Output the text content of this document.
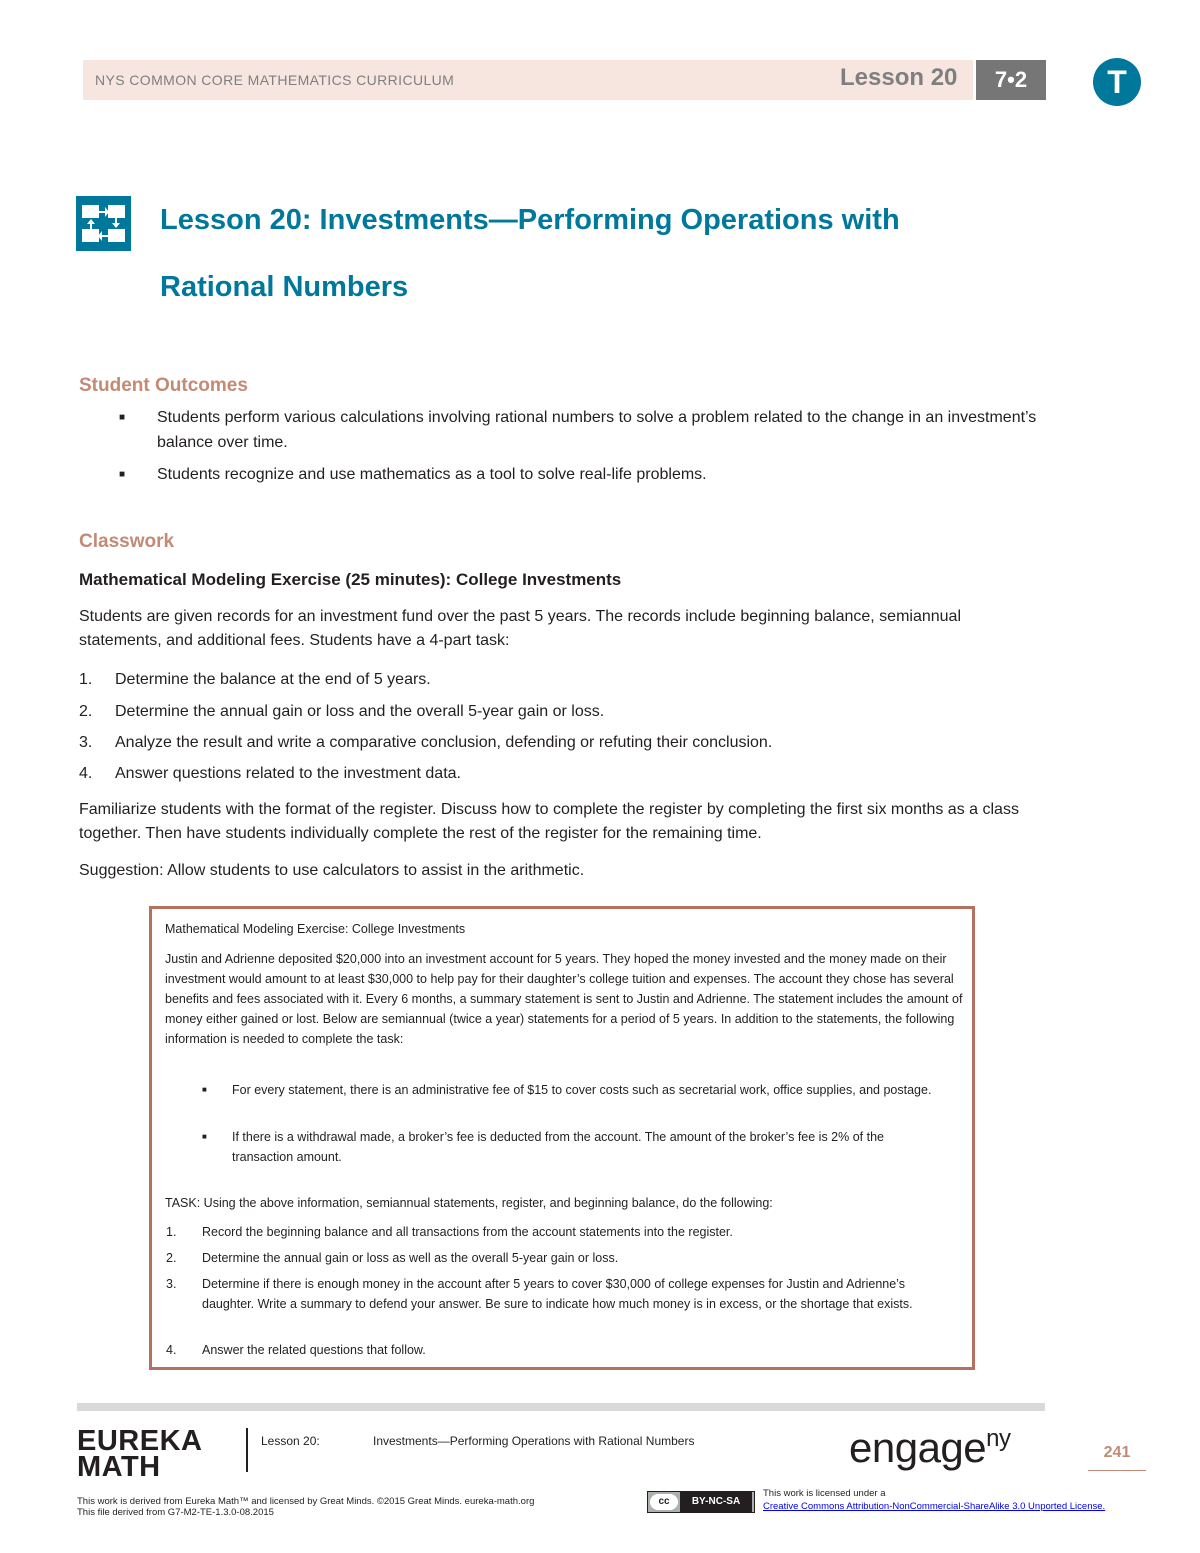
NYS COMMON CORE MATHEMATICS CURRICULUM	Lesson 20	7•2	T
Lesson 20: Investments—Performing Operations with
Rational Numbers
Student Outcomes
■ Students perform various calculations involving rational numbers to solve a problem related to the change in an investment’s balance over time.
■ Students recognize and use mathematics as a tool to solve real-life problems.
Classwork
Mathematical Modeling Exercise (25 minutes): College Investments
Students are given records for an investment fund over the past 5 years. The records include beginning balance, semiannual statements, and additional fees. Students have a 4-part task:
1. Determine the balance at the end of 5 years.
2. Determine the annual gain or loss and the overall 5-year gain or loss.
3. Analyze the result and write a comparative conclusion, defending or refuting their conclusion.
4. Answer questions related to the investment data.
Familiarize students with the format of the register. Discuss how to complete the register by completing the first six months as a class together. Then have students individually complete the rest of the register for the remaining time.
Suggestion: Allow students to use calculators to assist in the arithmetic.
Mathematical Modeling Exercise: College Investments
Justin and Adrienne deposited $20,000 into an investment account for 5 years. They hoped the money invested and the money made on their investment would amount to at least $30,000 to help pay for their daughter’s college tuition and expenses. The account they chose has several benefits and fees associated with it. Every 6 months, a summary statement is sent to Justin and Adrienne. The statement includes the amount of money either gained or lost. Below are semiannual (twice a year) statements for a period of 5 years. In addition to the statements, the following information is needed to complete the task:
■ For every statement, there is an administrative fee of $15 to cover costs such as secretarial work, office supplies, and postage.
■ If there is a withdrawal made, a broker’s fee is deducted from the account. The amount of the broker’s fee is 2% of the transaction amount.
TASK: Using the above information, semiannual statements, register, and beginning balance, do the following:
1. Record the beginning balance and all transactions from the account statements into the register.
2. Determine the annual gain or loss as well as the overall 5-year gain or loss.
3. Determine if there is enough money in the account after 5 years to cover $30,000 of college expenses for Justin and Adrienne’s daughter. Write a summary to defend your answer. Be sure to indicate how much money is in excess, or the shortage that exists.
4. Answer the related questions that follow.
EUREKA
MATH
Lesson 20:	Investments—Performing Operations with Rational Numbers	engage$^{ny}$
241
This work is derived from Eureka Math™ and licensed by Great Minds. ©2015 Great Minds. eureka-math.org
This file derived from G7-M2-TE-1.3.0-08.2015
cc	BY-NC-SA
This work is licensed under a
Creative Commons Attribution-NonCommercial-ShareAlike 3.0 Unported License.
